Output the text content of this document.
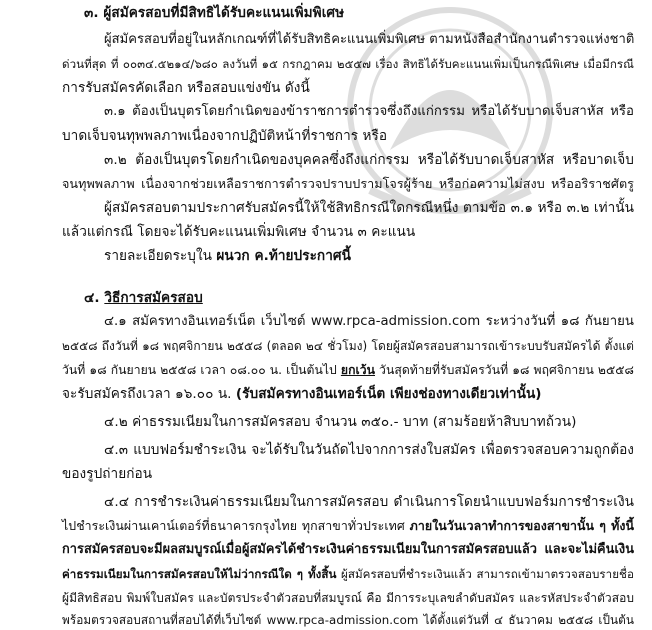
๓. ผู้สมัครสอบที่มีสิทธิได้รับคะแนนเพิ่มพิเศษ
ผู้สมัครสอบที่อยู่ในหลักเกณฑ์ที่ได้รับสิทธิคะแนนเพิ่มพิเศษ ตามหนังสือสำนักงานตำรวจแห่งชาติ
ด่วนที่สุด ที่ ๐๐๓๔.๕๒๑๔/๖๘๐ ลงวันที่ ๑๕ กรกฎาคม ๒๕๕๗ เรื่อง สิทธิได้รับคะแนนเพิ่มเป็นกรณีพิเศษ เมื่อมีกรณี
การรับสมัครคัดเลือก หรือสอบแข่งขัน ดังนี้
๓.๑ ต้องเป็นบุตรโดยกำเนิดของข้าราชการตำรวจซึ่งถึงแก่กรรม หรือได้รับบาดเจ็บสาหัส หรือ
บาดเจ็บจนทุพพลภาพเนื่องจากปฏิบัติหน้าที่ราชการ หรือ
๓.๒ ต้องเป็นบุตรโดยกำเนิดของบุคคลซึ่งถึงแก่กรรม หรือได้รับบาดเจ็บสาหัส หรือบาดเจ็บ
จนทุพพลภาพ เนื่องจากช่วยเหลือราชการตำรวจปราบปรามโจรผู้ร้าย หรือก่อความไม่สงบ หรืออริราชศัตรู
ผู้สมัครสอบตามประกาศรับสมัครนี้ให้ใช้สิทธิกรณีใดกรณีหนึ่ง ตามข้อ ๓.๑ หรือ ๓.๒ เท่านั้น
แล้วแต่กรณี โดยจะได้รับคะแนนเพิ่มพิเศษ จำนวน ๓ คะแนน
รายละเอียดระบุใน ผนวก ค.ท้ายประกาศนี้
๔. วิธีการสมัครสอบ
๔.๑ สมัครทางอินเทอร์เน็ต เว็บไซต์ www.rpca-admission.com ระหว่างวันที่ ๑๘ กันยายน
๒๕๕๘ ถึงวันที่ ๑๘ พฤศจิกายน ๒๕๕๘ (ตลอด ๒๔ ชั่วโมง) โดยผู้สมัครสอบสามารถเข้าระบบรับสมัครได้ ตั้งแต่
วันที่ ๑๘ กันยายน ๒๕๕๘ เวลา ๐๘.๐๐ น. เป็นต้นไป ยกเว้น วันสุดท้ายที่รับสมัครวันที่ ๑๘ พฤศจิกายน ๒๕๕๘
จะรับสมัครถึงเวลา ๑๖.๐๐ น. (รับสมัครทางอินเทอร์เน็ต เพียงช่องทางเดียวเท่านั้น)
๔.๒ ค่าธรรมเนียมในการสมัครสอบ จำนวน ๓๕๐.- บาท (สามร้อยห้าสิบบาทถ้วน)
๔.๓ แบบฟอร์มชำระเงิน จะได้รับในวันถัดไปจากการส่งใบสมัคร เพื่อตรวจสอบความถูกต้อง
ของรูปถ่ายก่อน
๔.๔ การชำระเงินค่าธรรมเนียมในการสมัครสอบ ดำเนินการโดยนำแบบฟอร์มการชำระเงิน
ไปชำระเงินผ่านเคาน์เตอร์ที่ธนาคารกรุงไทย ทุกสาขาทั่วประเทศ ภายในวันเวลาทำการของสาขานั้น ๆ ทั้งนี้
การสมัครสอบจะมีผลสมบูรณ์เมื่อผู้สมัครได้ชำระเงินค่าธรรมเนียมในการสมัครสอบแล้ว และจะไม่คืนเงิน
ค่าธรรมเนียมในการสมัครสอบให้ไม่ว่ากรณีใด ๆ ทั้งสิ้น ผู้สมัครสอบที่ชำระเงินแล้ว สามารถเข้ามาตรวจสอบรายชื่อ
ผู้มีสิทธิสอบ พิมพ์ใบสมัคร และบัตรประจำตัวสอบที่สมบูรณ์ คือ มีการระบุเลขลำดับสมัคร และรหัสประจำตัวสอบ
พร้อมตรวจสอบสถานที่สอบได้ที่เว็บไซต์ www.rpca-admission.com ได้ตั้งแต่วันที่ ๔ ธันวาคม ๒๕๕๘ เป็นต้น
